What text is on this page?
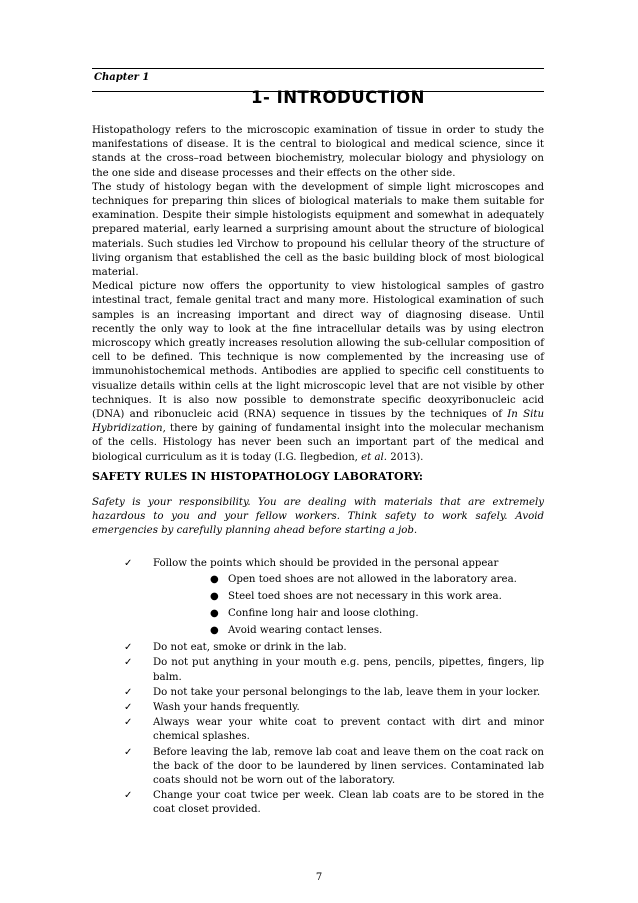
Chapter 1
1- INTRODUCTION

Histopathology refers to the microscopic examination of tissue in order to study the manifestations of disease. It is the central to biological and medical science, since it stands at the cross–road between biochemistry, molecular biology and physiology on the one side and disease processes and their effects on the other side.

The study of histology began with the development of simple light microscopes and techniques for preparing thin slices of biological materials to make them suitable for examination. Despite their simple histologists equipment and somewhat in adequately prepared material, early learned a surprising amount about the structure of biological materials. Such studies led Virchow to propound his cellular theory of the structure of living organism that established the cell as the basic building block of most biological material.

Medical picture now offers the opportunity to view histological samples of gastro intestinal tract, female genital tract and many more. Histological examination of such samples is an increasing important and direct way of diagnosing disease. Until recently the only way to look at the fine intracellular details was by using electron microscopy which greatly increases resolution allowing the sub-cellular composition of cell to be defined. This technique is now complemented by the increasing use of immunohistochemical methods. Antibodies are applied to specific cell constituents to visualize details within cells at the light microscopic level that are not visible by other techniques. It is also now possible to demonstrate specific deoxyribonucleic acid (DNA) and ribonucleic acid (RNA) sequence in tissues by the techniques of In Situ Hybridization, there by gaining of fundamental insight into the molecular mechanism of the cells. Histology has never been such an important part of the medical and biological curriculum as it is today (I.G. Ilegbedion, et al. 2013).

SAFETY RULES IN HISTOPATHOLOGY LABORATORY:
Safety is your responsibility. You are dealing with materials that are extremely hazardous to you and your fellow workers. Think safety to work safely. Avoid emergencies by carefully planning ahead before starting a job.
✓	Follow the points which should be provided in the personal appear
● Open toed shoes are not allowed in the laboratory area.
● Steel toed shoes are not necessary in this work area.
● Confine long hair and loose clothing.
● Avoid wearing contact lenses.
✓	Do not eat, smoke or drink in the lab.
✓	Do not put anything in your mouth e.g. pens, pencils, pipettes, fingers, lip balm.
✓	Do not take your personal belongings to the lab, leave them in your locker.
✓	Wash your hands frequently.
✓	Always wear your white coat to prevent contact with dirt and minor chemical splashes.
✓	Before leaving the lab, remove lab coat and leave them on the coat rack on the back of the door to be laundered by linen services. Contaminated lab coats should not be worn out of the laboratory.
✓	Change your coat twice per week. Clean lab coats are to be stored in the coat closet provided.
7
